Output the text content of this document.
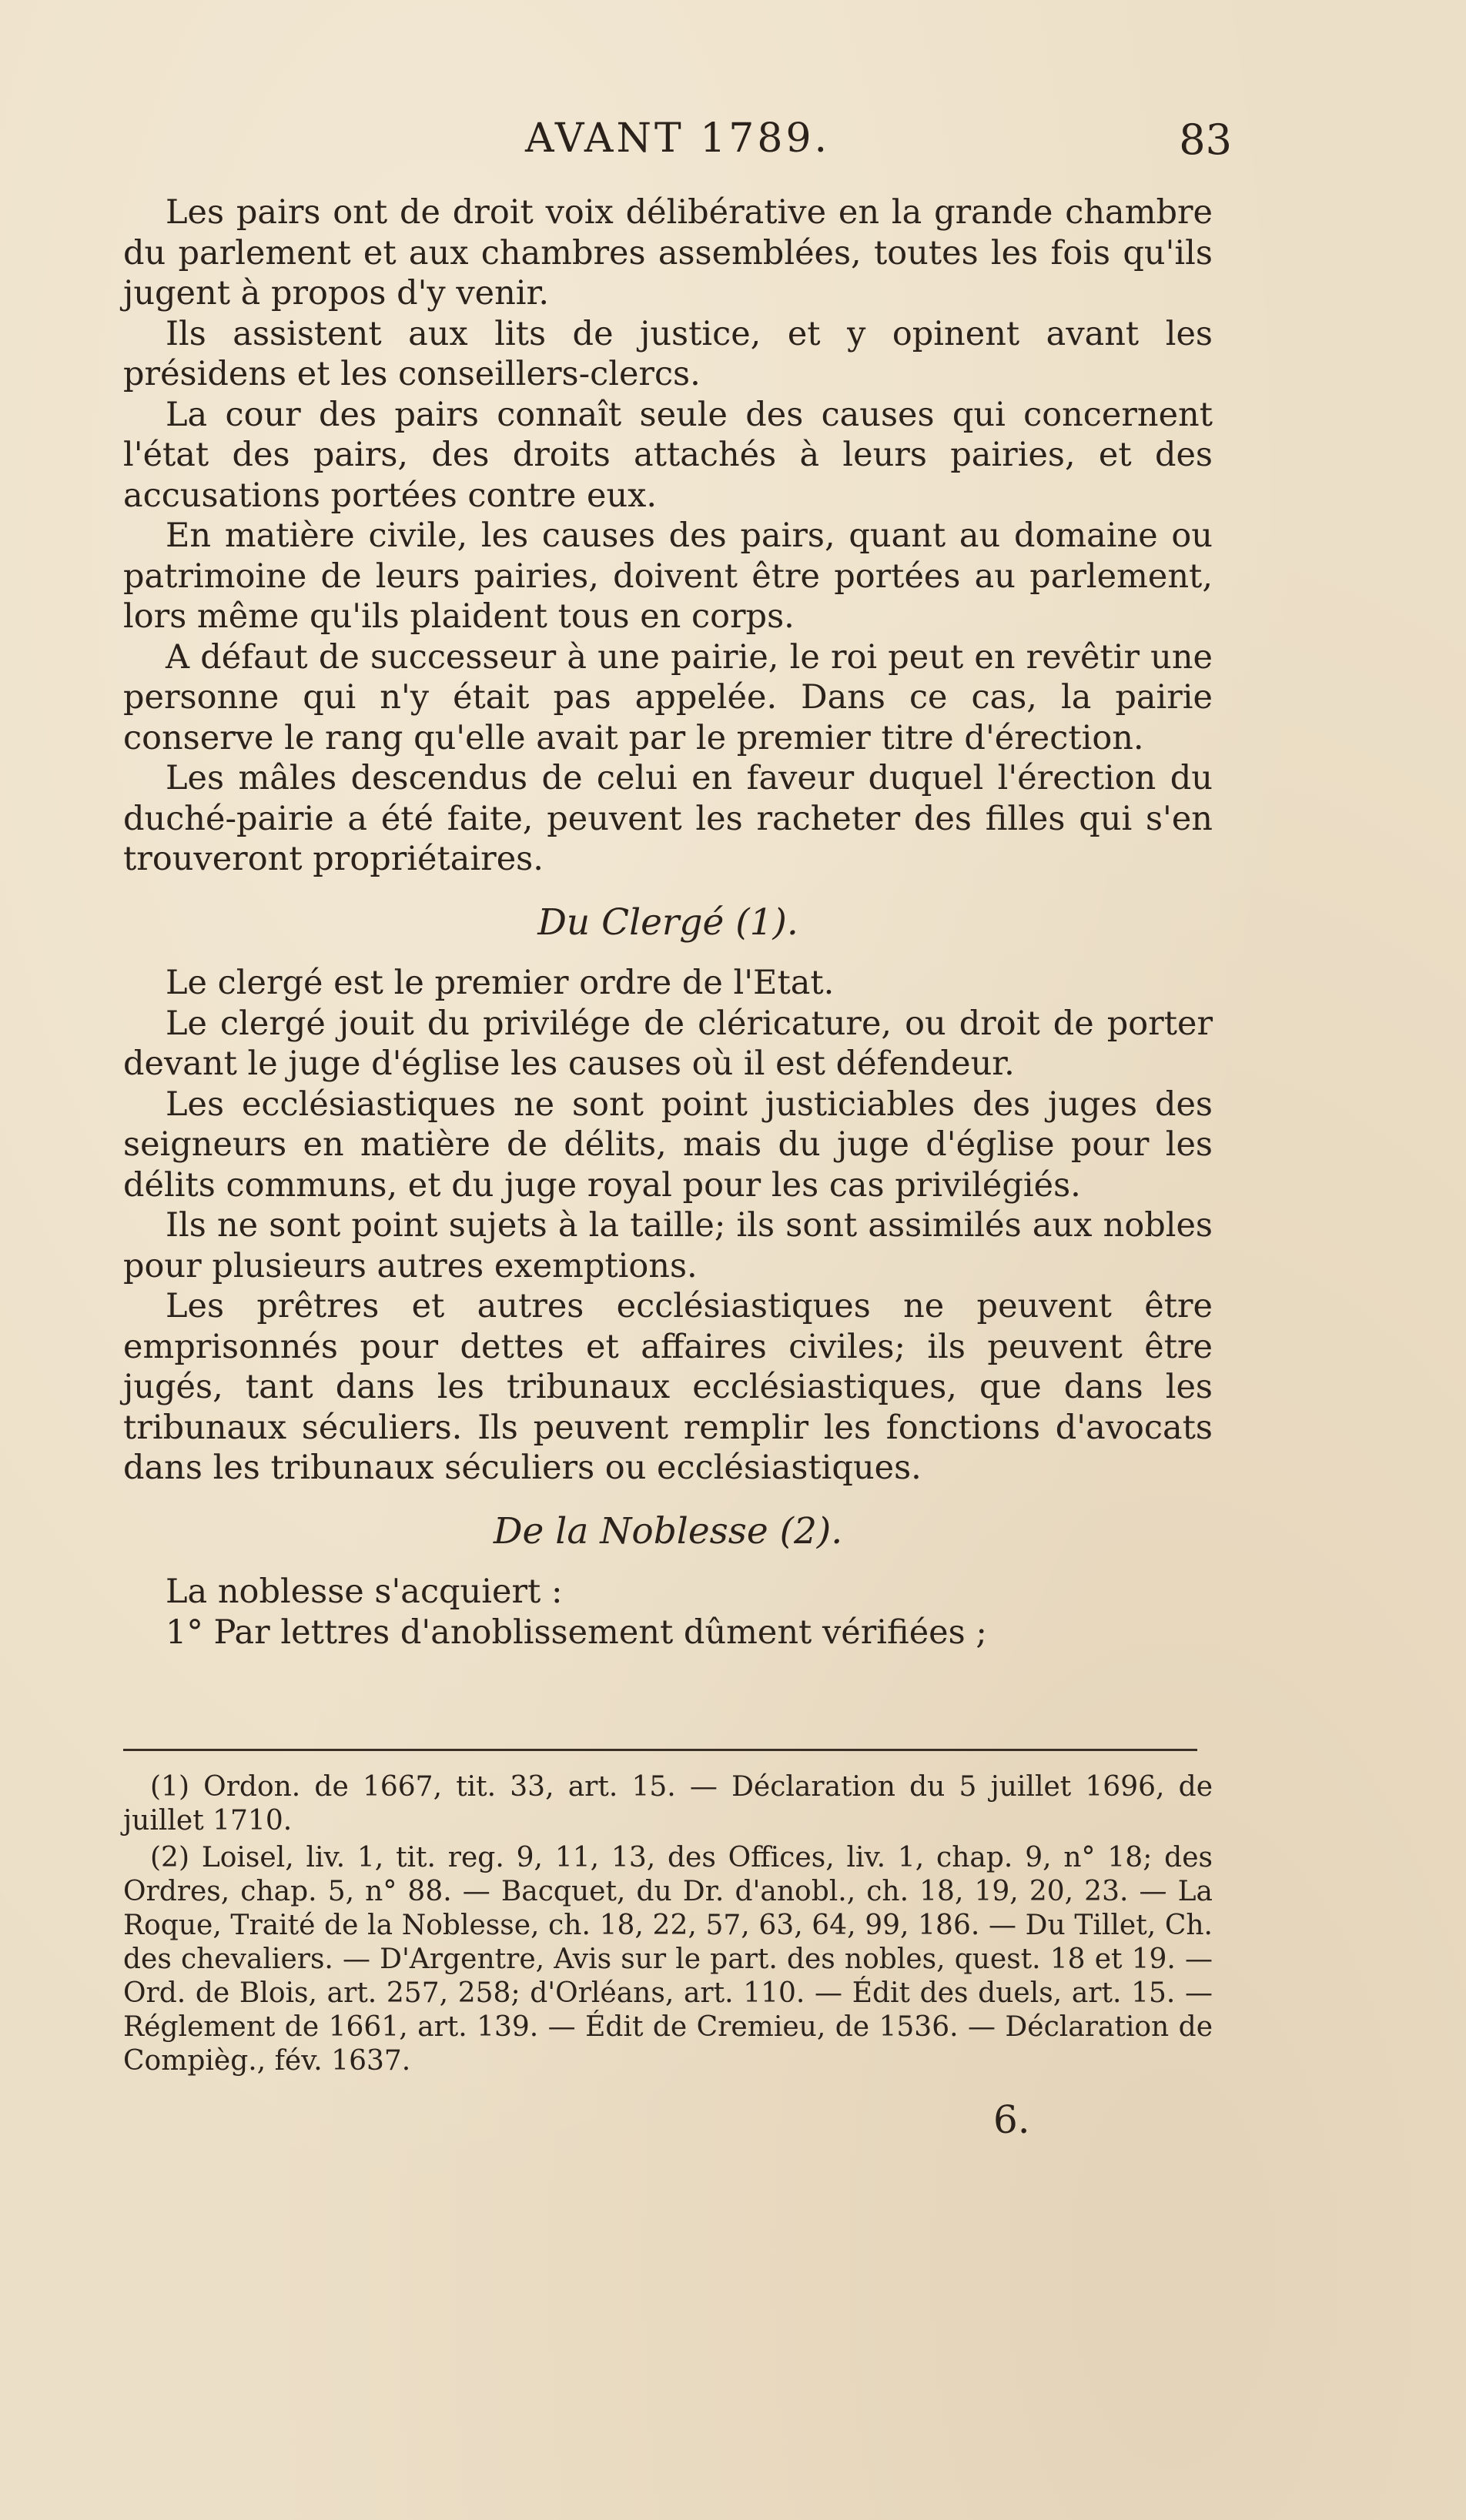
AVANT 1789.	83

Les pairs ont de droit voix délibérative en la grande chambre du parlement et aux chambres assemblées, toutes les fois qu'ils jugent à propos d'y venir.

Ils assistent aux lits de justice, et y opinent avant les présidens et les conseillers-clercs.

La cour des pairs connaît seule des causes qui concernent l'état des pairs, des droits attachés à leurs pairies, et des accusations portées contre eux.

En matière civile, les causes des pairs, quant au domaine ou patrimoine de leurs pairies, doivent être portées au parlement, lors même qu'ils plaident tous en corps.

A défaut de successeur à une pairie, le roi peut en revêtir une personne qui n'y était pas appelée. Dans ce cas, la pairie conserve le rang qu'elle avait par le premier titre d'érection.

Les mâles descendus de celui en faveur duquel l'érection du duché-pairie a été faite, peuvent les racheter des filles qui s'en trouveront propriétaires.

Du Clergé (1).

Le clergé est le premier ordre de l'Etat.

Le clergé jouit du privilége de cléricature, ou droit de porter devant le juge d'église les causes où il est défendeur.

Les ecclésiastiques ne sont point justiciables des juges des seigneurs en matière de délits, mais du juge d'église pour les délits communs, et du juge royal pour les cas privilégiés.

Ils ne sont point sujets à la taille; ils sont assimilés aux nobles pour plusieurs autres exemptions.

Les prêtres et autres ecclésiastiques ne peuvent être emprisonnés pour dettes et affaires civiles; ils peuvent être jugés, tant dans les tribunaux ecclésiastiques, que dans les tribunaux séculiers. Ils peuvent remplir les fonctions d'avocats dans les tribunaux séculiers ou ecclésiastiques.

De la Noblesse (2).

La noblesse s'acquiert :

1° Par lettres d'anoblissement dûment vérifiées ;

(1) Ordon. de 1667, tit. 33, art. 15. — Déclaration du 5 juillet 1696, de juillet 1710.

(2) Loisel, liv. 1, tit. reg. 9, 11, 13, des Offices, liv. 1, chap. 9, n° 18; des Ordres, chap. 5, n° 88. — Bacquet, du Dr. d'anobl., ch. 18, 19, 20, 23. — La Roque, Traité de la Noblesse, ch. 18, 22, 57, 63, 64, 99, 186. — Du Tillet, Ch. des chevaliers. — D'Argentre, Avis sur le part. des nobles, quest. 18 et 19. — Ord. de Blois, art. 257, 258; d'Orléans, art. 110. — Édit des duels, art. 15. — Réglement de 1661, art. 139. — Édit de Cremieu, de 1536. — Déclaration de Compièg., fév. 1637.

6.
